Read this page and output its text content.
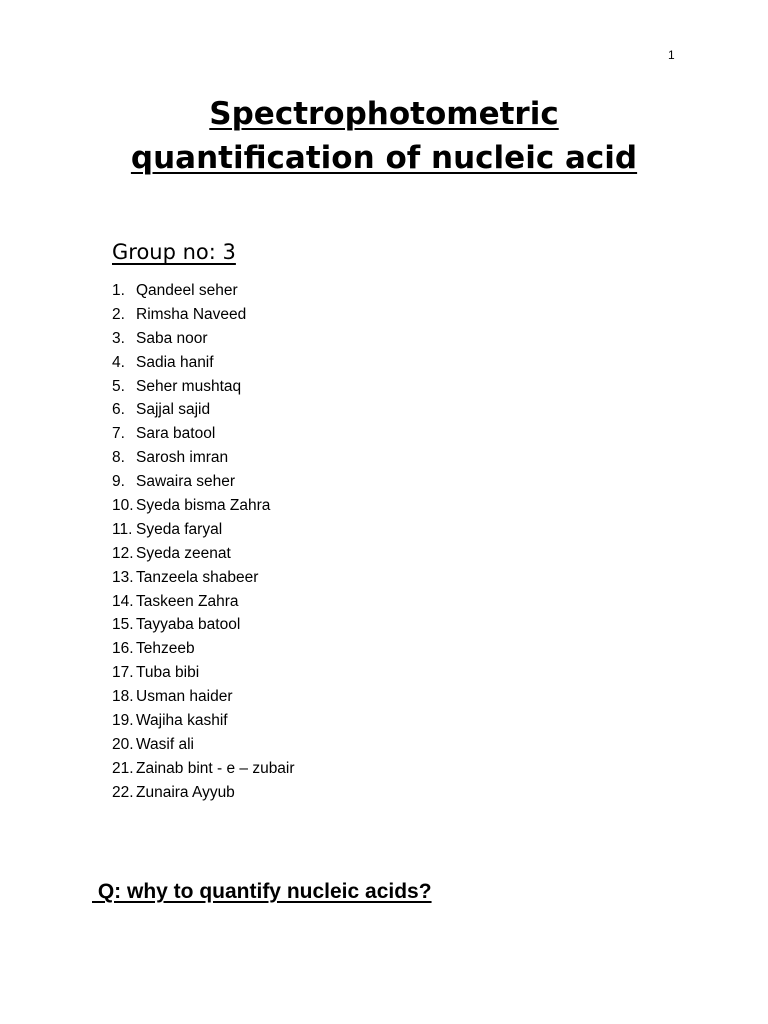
1
Spectrophotometric
quantification of nucleic acid
Group no: 3
1. Qandeel seher
2. Rimsha Naveed
3. Saba noor
4. Sadia hanif
5. Seher mushtaq
6. Sajjal sajid
7. Sara batool
8. Sarosh imran
9. Sawaira seher
10. Syeda bisma Zahra
11. Syeda faryal
12. Syeda zeenat
13. Tanzeela shabeer
14. Taskeen Zahra
15. Tayyaba batool
16. Tehzeeb
17. Tuba bibi
18. Usman haider
19. Wajiha kashif
20. Wasif ali
21. Zainab bint - e – zubair
22. Zunaira Ayyub
Q: why to quantify nucleic acids?
